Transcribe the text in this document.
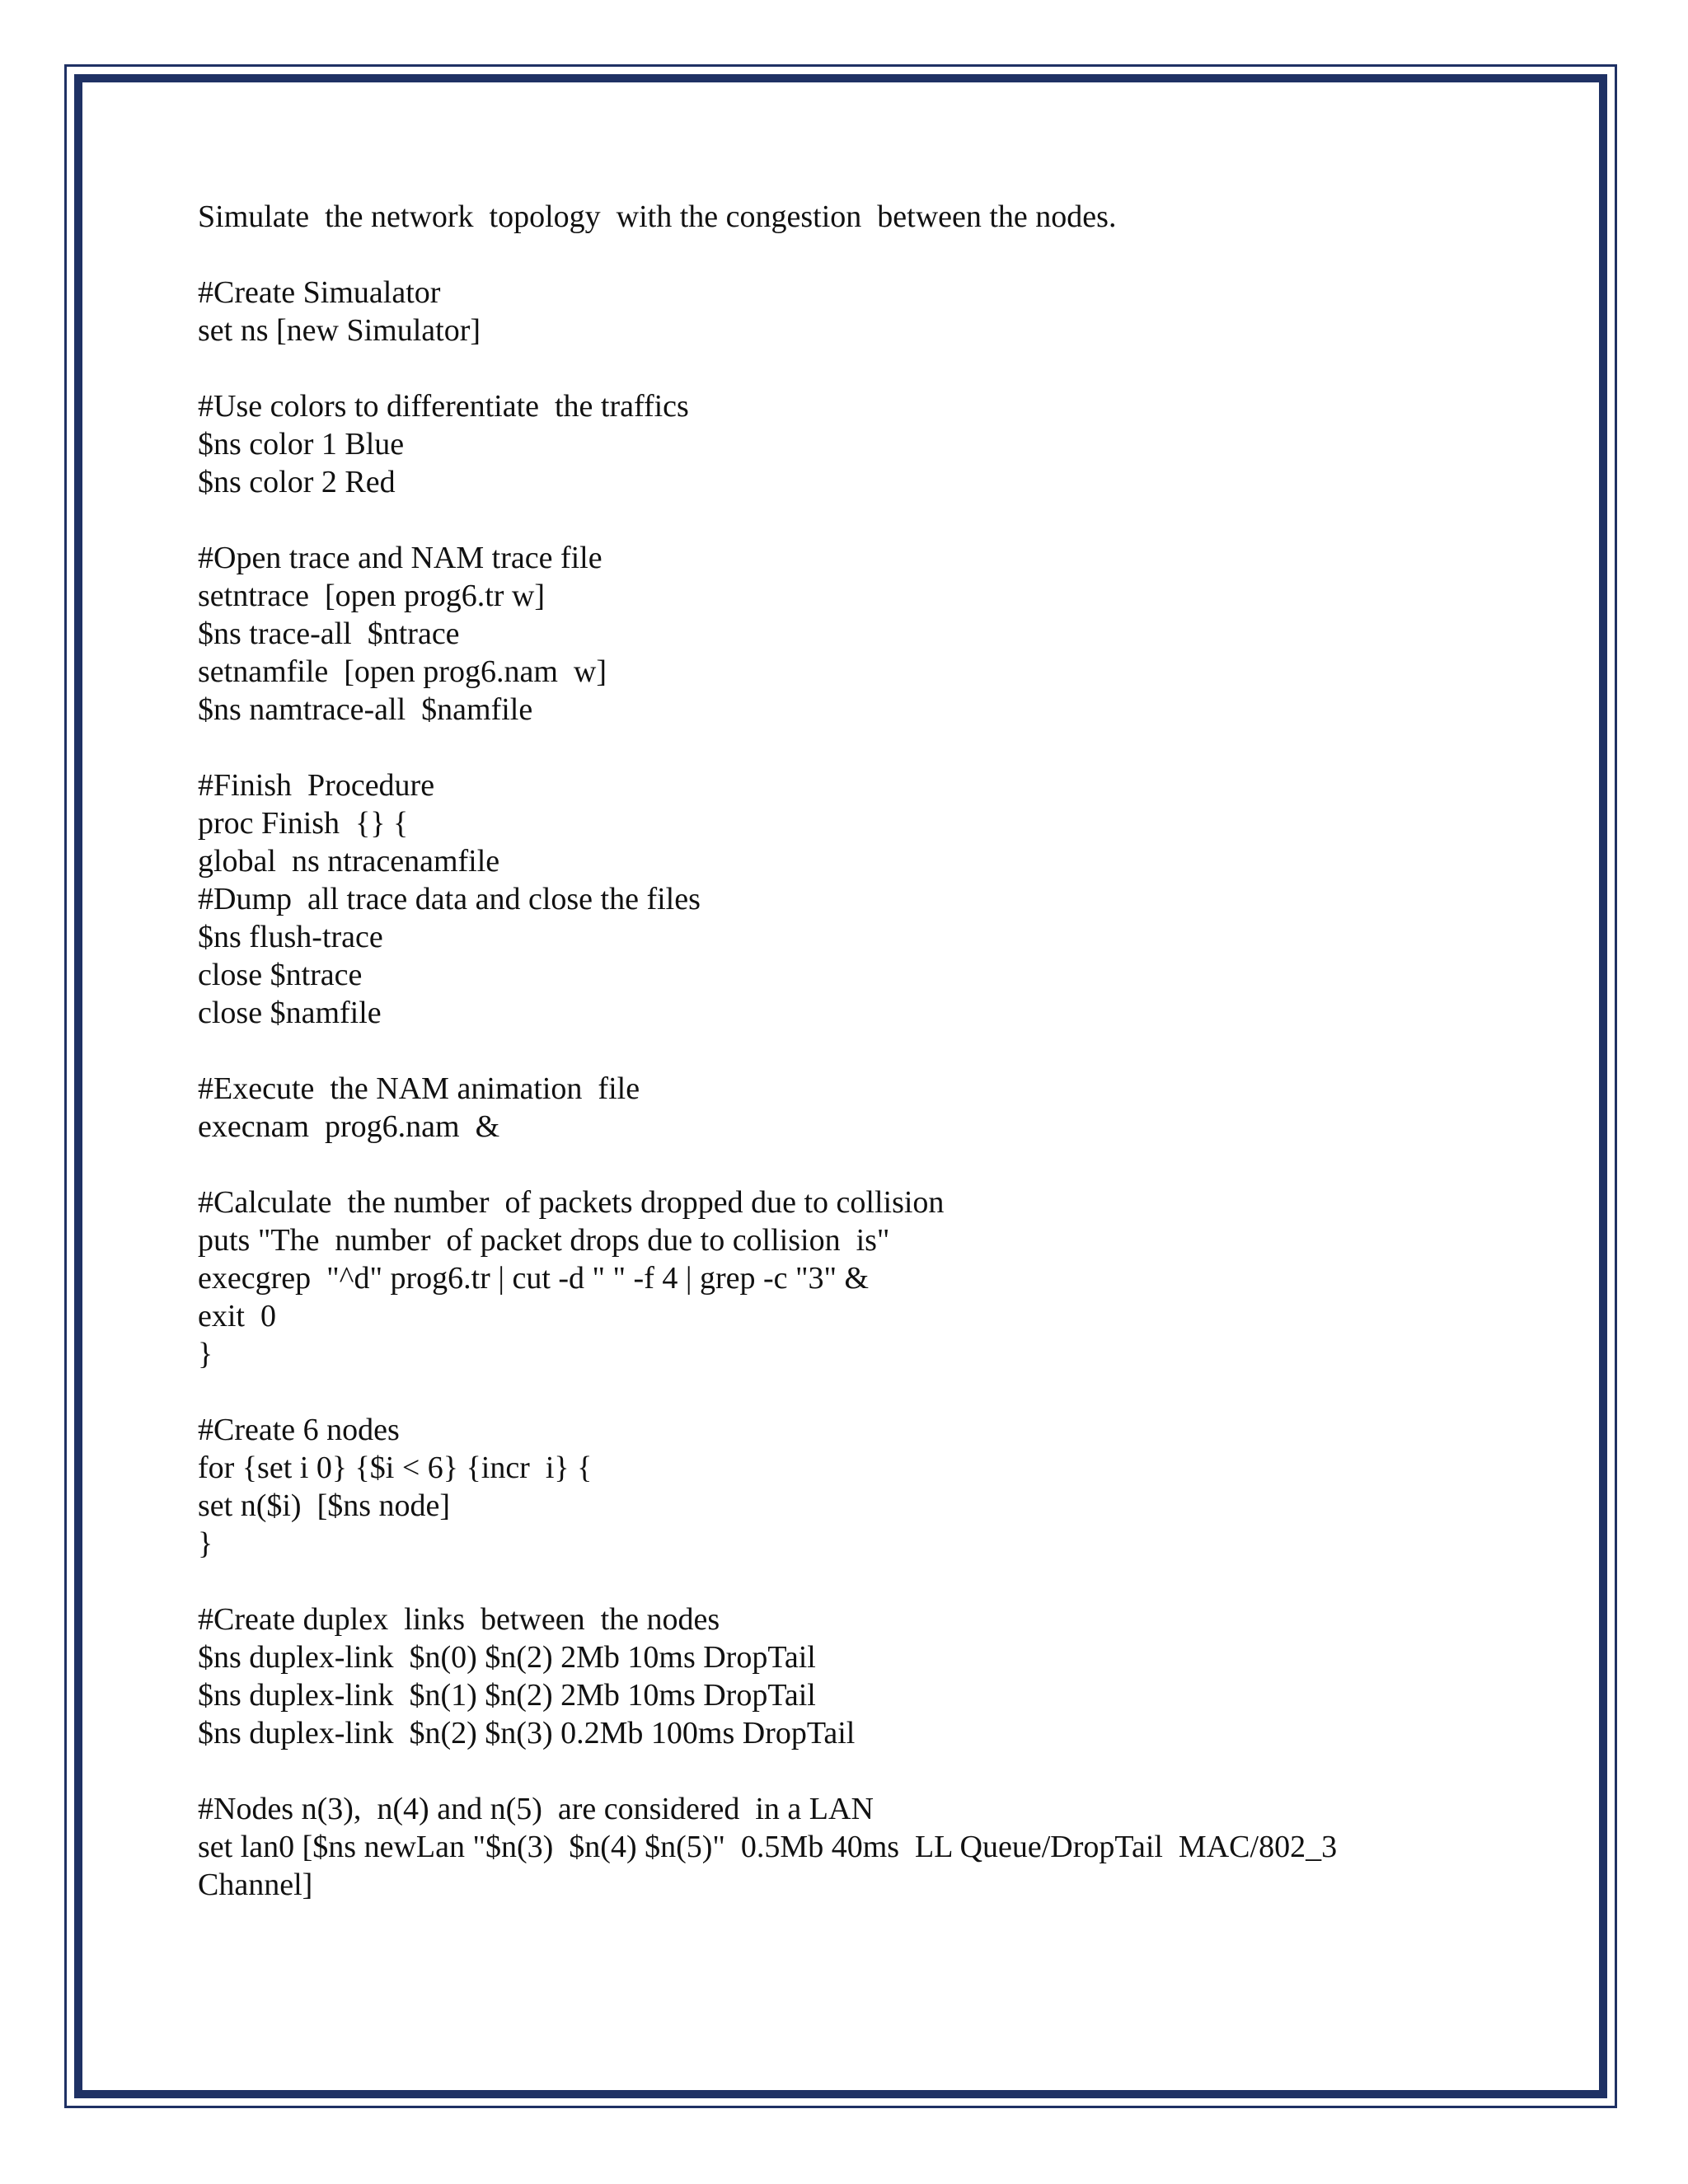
Simulate  the network  topology  with the congestion  between the nodes.
#Create Simualator
set ns [new Simulator]
#Use colors to differentiate  the traffics
$ns color 1 Blue
$ns color 2 Red
#Open trace and NAM trace file
setntrace  [open prog6.tr w]
$ns trace-all  $ntrace
setnamfile  [open prog6.nam  w]
$ns namtrace-all  $namfile
#Finish  Procedure
proc Finish  {} {
global  ns ntracenamfile
#Dump  all trace data and close the files
$ns flush-trace
close $ntrace
close $namfile
#Execute  the NAM animation  file
execnam  prog6.nam  &
#Calculate  the number  of packets dropped due to collision
puts "The  number  of packet drops due to collision  is"
execgrep  "^d" prog6.tr | cut -d " " -f 4 | grep -c "3" &
exit  0
}
#Create 6 nodes
for {set i 0} {$i < 6} {incr  i} {
set n($i)  [$ns node]
}
#Create duplex  links  between  the nodes
$ns duplex-link  $n(0) $n(2) 2Mb 10ms DropTail
$ns duplex-link  $n(1) $n(2) 2Mb 10ms DropTail
$ns duplex-link  $n(2) $n(3) 0.2Mb 100ms DropTail
#Nodes n(3),  n(4) and n(5)  are considered  in a LAN
set lan0 [$ns newLan "$n(3)  $n(4) $n(5)"  0.5Mb 40ms  LL Queue/DropTail  MAC/802_3
Channel]
